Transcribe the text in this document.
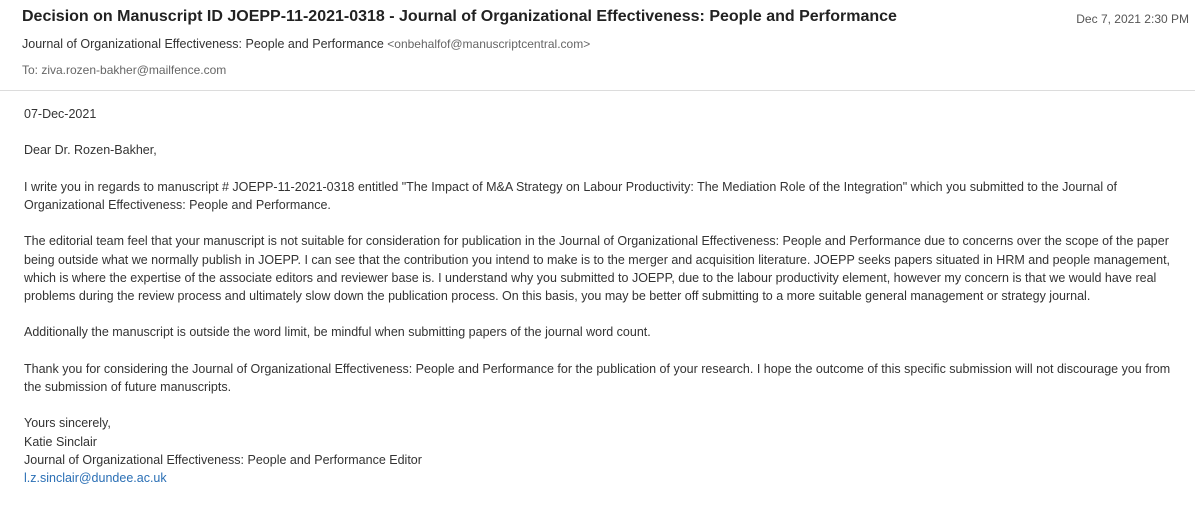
Decision on Manuscript ID JOEPP-11-2021-0318 - Journal of Organizational Effectiveness: People and Performance	Dec 7, 2021 2:30 PM
Journal of Organizational Effectiveness: People and Performance <onbehalfof@manuscriptcentral.com>
To: ziva.rozen-bakher@mailfence.com

07-Dec-2021

Dear Dr. Rozen-Bakher,

I write you in regards to manuscript # JOEPP-11-2021-0318 entitled "The Impact of M&A Strategy on Labour Productivity: The Mediation Role of the Integration" which you submitted to the Journal of Organizational Effectiveness: People and Performance.

The editorial team feel that your manuscript is not suitable for consideration for publication in the Journal of Organizational Effectiveness: People and Performance due to concerns over the scope of the paper being outside what we normally publish in JOEPP. I can see that the contribution you intend to make is to the merger and acquisition literature. JOEPP seeks papers situated in HRM and people management, which is where the expertise of the associate editors and reviewer base is. I understand why you submitted to JOEPP, due to the labour productivity element, however my concern is that we would have real problems during the review process and ultimately slow down the publication process. On this basis, you may be better off submitting to a more suitable general management or strategy journal.

Additionally the manuscript is outside the word limit, be mindful when submitting papers of the journal word count.

Thank you for considering the Journal of Organizational Effectiveness: People and Performance for the publication of your research. I hope the outcome of this specific submission will not discourage you from the submission of future manuscripts.

Yours sincerely,
Katie Sinclair
Journal of Organizational Effectiveness: People and Performance Editor
l.z.sinclair@dundee.ac.uk
